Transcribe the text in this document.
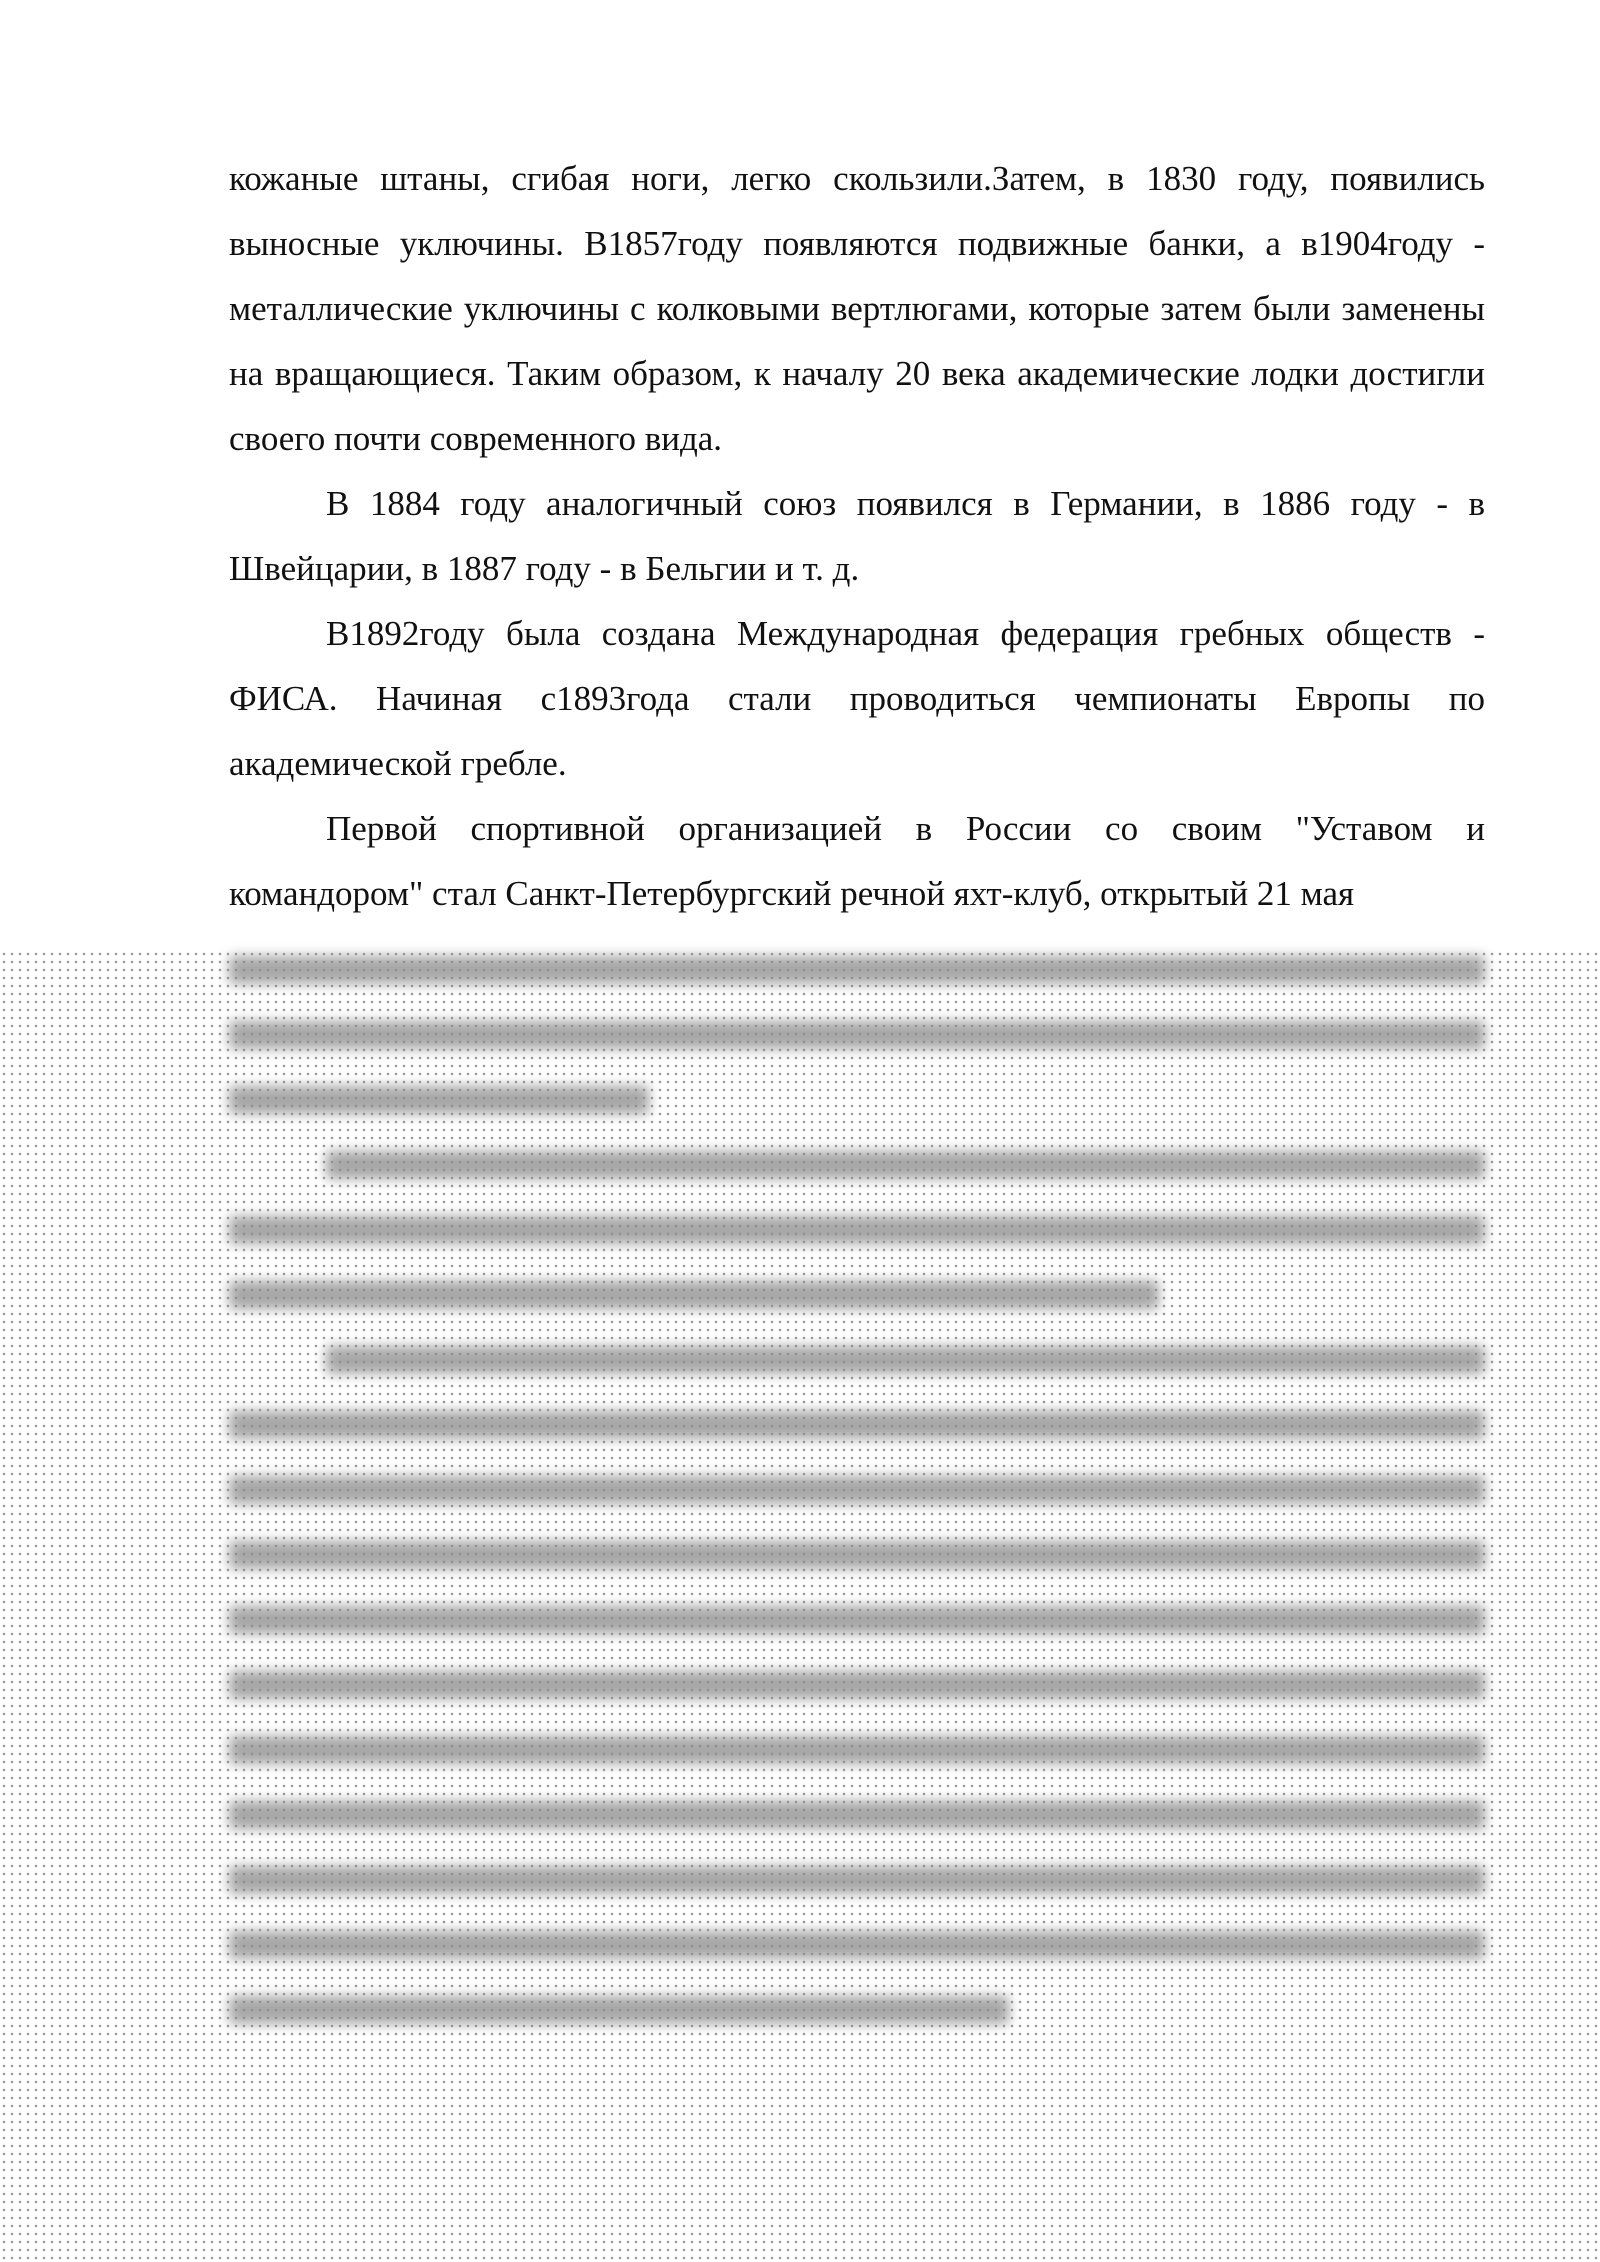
кожаные штаны, сгибая ноги, легко скользили.Затем, в 1830 году, появились выносные уключины. В1857году появляются подвижные банки, а в1904году - металлические уключины с колковыми вертлюгами, которые затем были заменены на вращающиеся. Таким образом, к началу 20 века академические лодки достигли своего почти современного вида.

В 1884 году аналогичный союз появился в Германии, в 1886 году - в Швейцарии, в 1887 году - в Бельгии и т. д.

В1892году была создана Международная федерация гребных обществ - ФИСА. Начиная с1893года стали проводиться чемпионаты Европы по академической гребле.

Первой спортивной организацией в России со своим "Уставом и командором" стал Санкт-Петербургский речной яхт-клуб, открытый 21 мая
